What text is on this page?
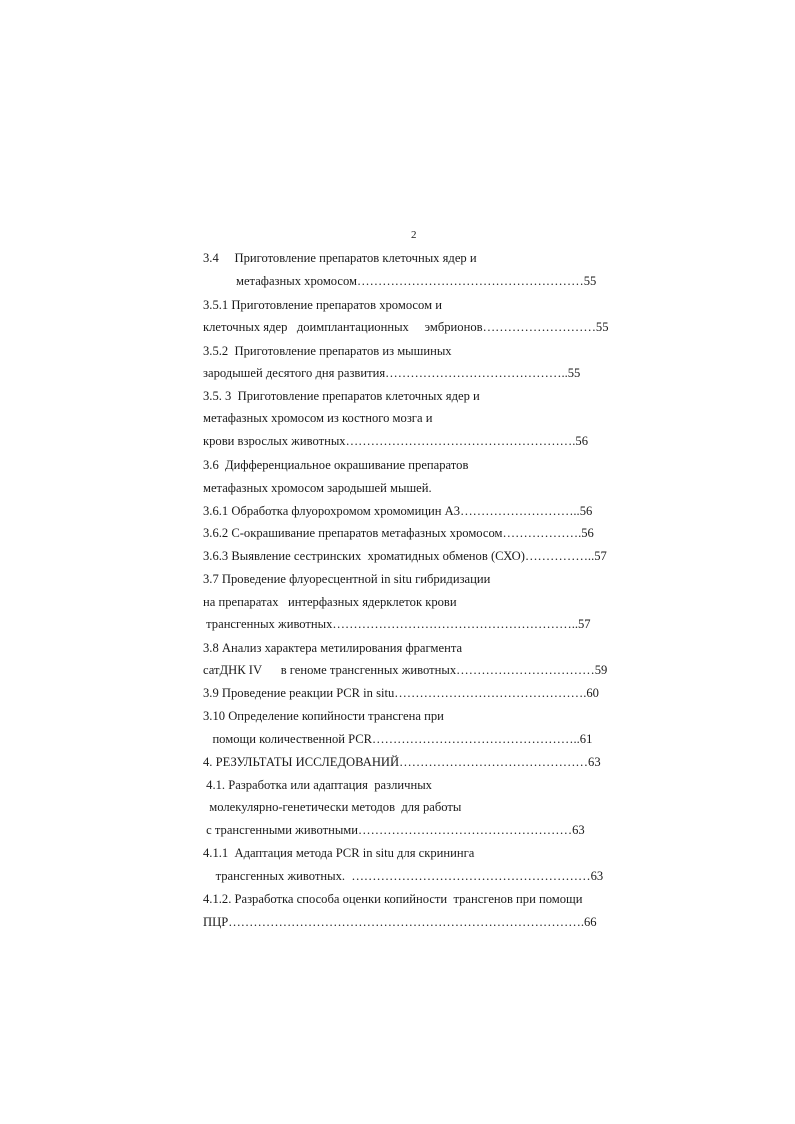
2
3.4     Приготовление препаратов клеточных ядер и
метафазных хромосом………………………………………………55
3.5.1 Приготовление препаратов хромосом и
клеточных ядер   доимплантационных     эмбрионов………………………55
3.5.2  Приготовление препаратов из мышиных
зародышей десятого дня развития……………………………………..55
3.5. 3  Приготовление препаратов клеточных ядер и
метафазных хромосом из костного мозга и
крови взрослых животных……………………………………………….56
3.6  Дифференциальное окрашивание препаратов
метафазных хромосом зародышей мышей.
3.6.1 Обработка флуорохромом хромомицин А3………………………..56
3.6.2 С-окрашивание препаратов метафазных хромосом……………….56
3.6.3 Выявление сестринских  хроматидных обменов (СХО)……………..57
3.7 Проведение флуоресцентной in situ гибридизации
на препаратах   интерфазных ядерклеток крови
трансгенных животных…………………………………………………..57
3.8 Анализ характера метилирования фрагмента
сатДНК IV      в геноме трансгенных животных……………………………59
3.9 Проведение реакции PCR in situ……………………………………….60
3.10 Определение копийности трансгена при
помощи количественной PCR…………………………………………..61
4. РЕЗУЛЬТАТЫ ИССЛЕДОВАНИЙ………………………………………63
4.1. Разработка или адаптация  различных
молекулярно-генетически методов  для работы
с трансгенными животными……………………………………………63
4.1.1  Адаптация метода PCR in situ для скрининга
трансгенных животных.  …………………………………………………63
4.1.2. Разработка способа оценки копийности  трансгенов при помощи
ПЦР………………………………………………………………………….66
